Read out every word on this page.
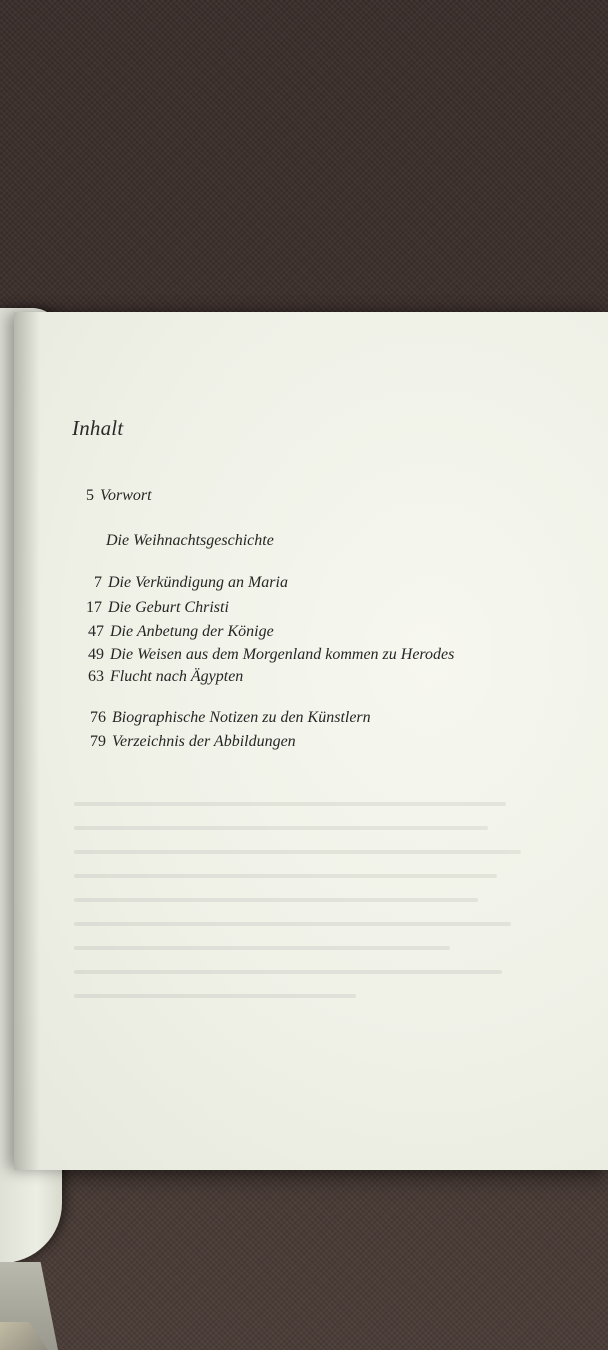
Inhalt
5 Vorwort
Die Weihnachtsgeschichte
7 Die Verkündigung an Maria
17 Die Geburt Christi
47 Die Anbetung der Könige
49 Die Weisen aus dem Morgenland kommen zu Herodes
63 Flucht nach Ägypten
76 Biographische Notizen zu den Künstlern
79 Verzeichnis der Abbildungen
